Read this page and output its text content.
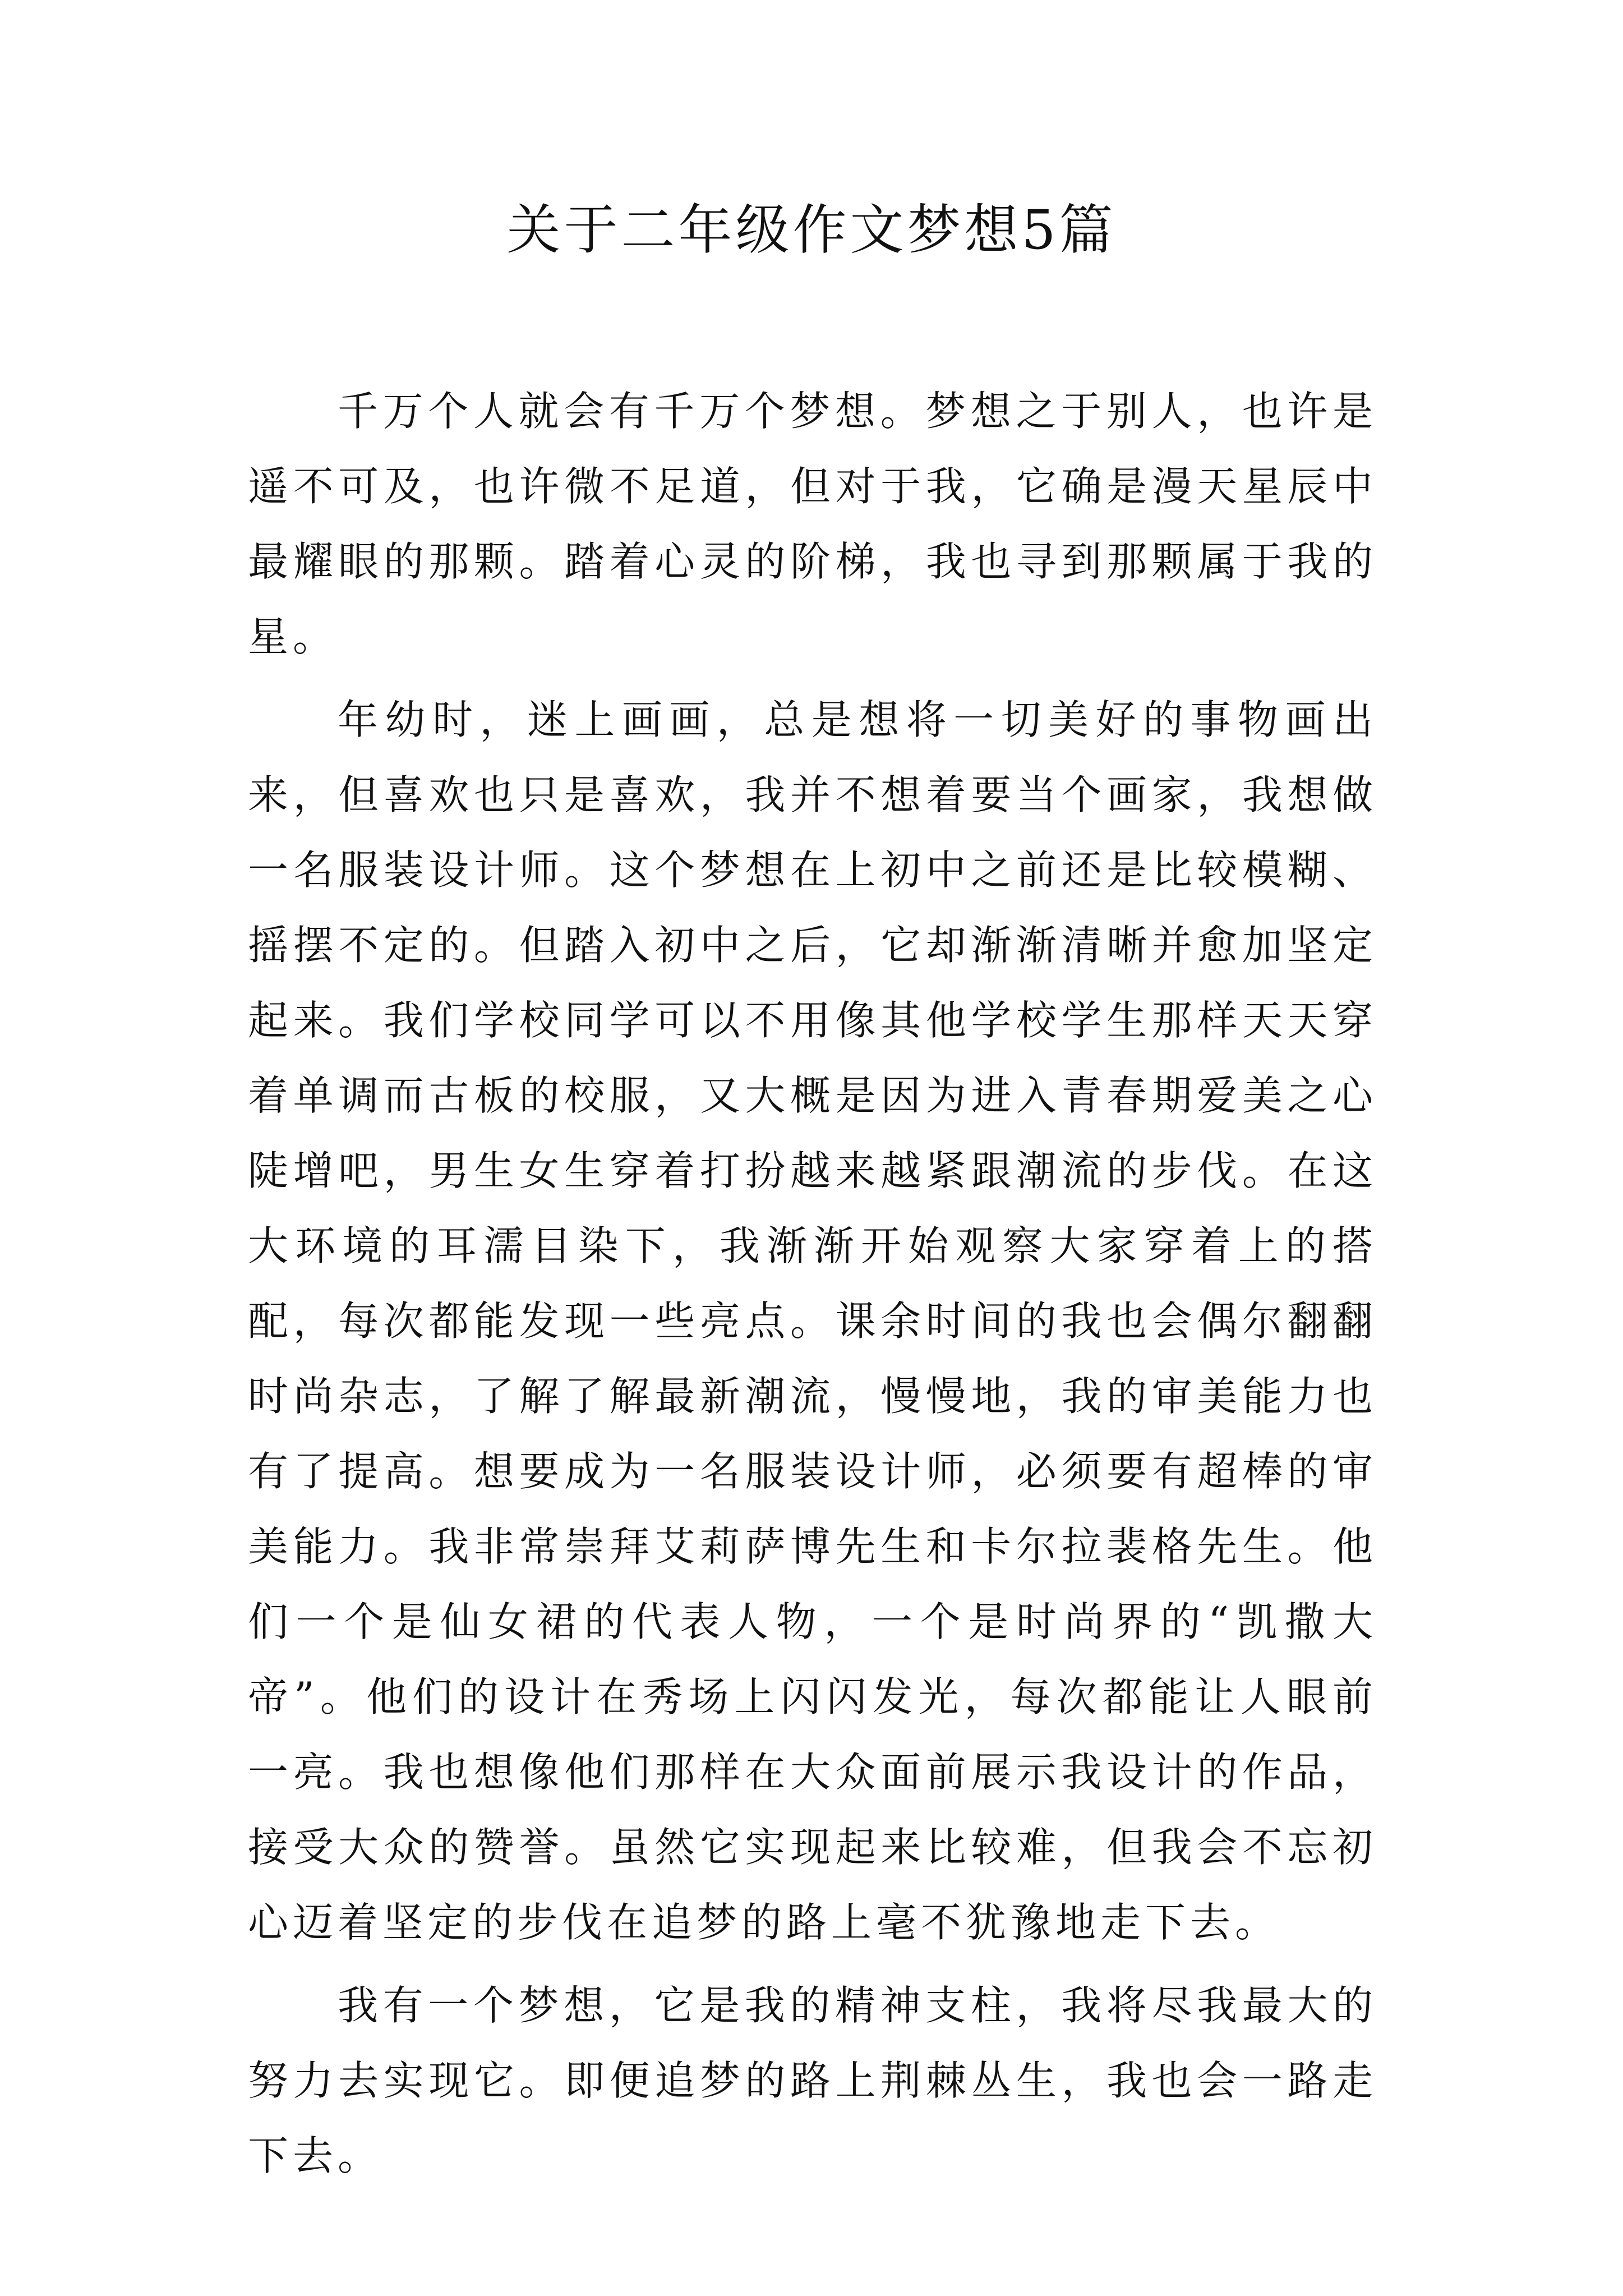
关于二年级作文梦想5篇

千万个人就会有千万个梦想。梦想之于别人，也许是遥不可及，也许微不足道，但对于我，它确是漫天星辰中最耀眼的那颗。踏着心灵的阶梯，我也寻到那颗属于我的星。

年幼时，迷上画画，总是想将一切美好的事物画出来，但喜欢也只是喜欢，我并不想着要当个画家，我想做一名服装设计师。这个梦想在上初中之前还是比较模糊、摇摆不定的。但踏入初中之后，它却渐渐清晰并愈加坚定起来。我们学校同学可以不用像其他学校学生那样天天穿着单调而古板的校服，又大概是因为进入青春期爱美之心陡增吧，男生女生穿着打扮越来越紧跟潮流的步伐。在这大环境的耳濡目染下，我渐渐开始观察大家穿着上的搭配，每次都能发现一些亮点。课余时间的我也会偶尔翻翻时尚杂志，了解了解最新潮流，慢慢地，我的审美能力也有了提高。想要成为一名服装设计师，必须要有超棒的审美能力。我非常崇拜艾莉萨博先生和卡尔拉裴格先生。他们一个是仙女裙的代表人物，一个是时尚界的“凯撒大帝”。他们的设计在秀场上闪闪发光，每次都能让人眼前一亮。我也想像他们那样在大众面前展示我设计的作品，接受大众的赞誉。虽然它实现起来比较难，但我会不忘初心迈着坚定的步伐在追梦的路上毫不犹豫地走下去。

我有一个梦想，它是我的精神支柱，我将尽我最大的努力去实现它。即便追梦的路上荆棘丛生，我也会一路走下去。
